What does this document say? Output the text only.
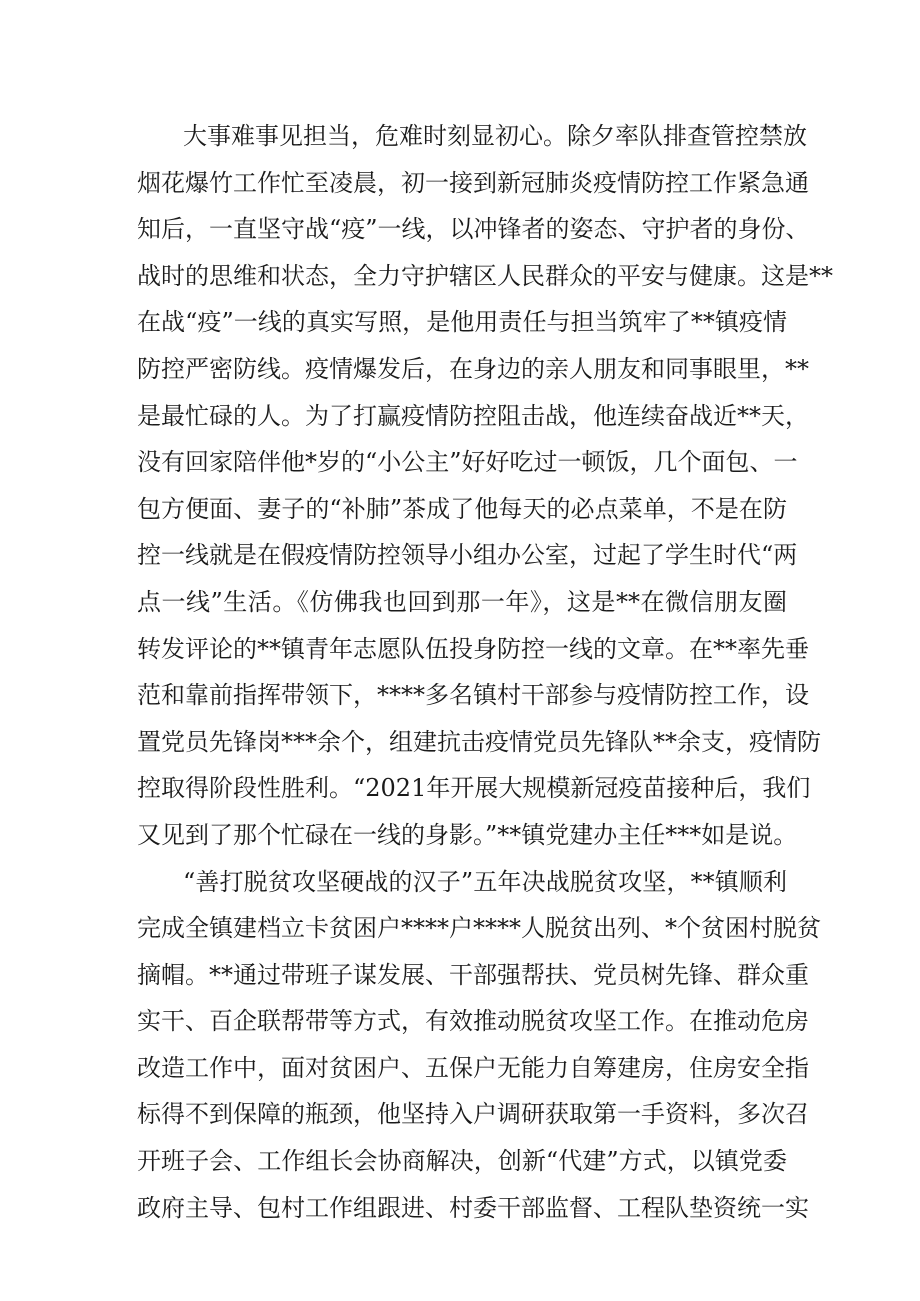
大事难事见担当，危难时刻显初心。除夕率队排查管控禁放
烟花爆竹工作忙至凌晨，初一接到新冠肺炎疫情防控工作紧急通
知后，一直坚守战“疫”一线，以冲锋者的姿态、守护者的身份、
战时的思维和状态，全力守护辖区人民群众的平安与健康。这是**
在战“疫”一线的真实写照，是他用责任与担当筑牢了**镇疫情
防控严密防线。疫情爆发后，在身边的亲人朋友和同事眼里，**
是最忙碌的人。为了打赢疫情防控阻击战，他连续奋战近**天，
没有回家陪伴他*岁的“小公主”好好吃过一顿饭，几个面包、一
包方便面、妻子的“补肺”茶成了他每天的必点菜单，不是在防
控一线就是在假疫情防控领导小组办公室，过起了学生时代“两
点一线”生活。《仿佛我也回到那一年》，这是**在微信朋友圈
转发评论的**镇青年志愿队伍投身防控一线的文章。在**率先垂
范和靠前指挥带领下，****多名镇村干部参与疫情防控工作，设
置党员先锋岗***余个，组建抗击疫情党员先锋队**余支，疫情防
控取得阶段性胜利。“2021年开展大规模新冠疫苗接种后，我们
又见到了那个忙碌在一线的身影。”**镇党建办主任***如是说。
“善打脱贫攻坚硬战的汉子”五年决战脱贫攻坚，**镇顺利
完成全镇建档立卡贫困户****户****人脱贫出列、*个贫困村脱贫
摘帽。**通过带班子谋发展、干部强帮扶、党员树先锋、群众重
实干、百企联帮带等方式，有效推动脱贫攻坚工作。在推动危房
改造工作中，面对贫困户、五保户无能力自筹建房，住房安全指
标得不到保障的瓶颈，他坚持入户调研获取第一手资料，多次召
开班子会、工作组长会协商解决，创新“代建”方式，以镇党委
政府主导、包村工作组跟进、村委干部监督、工程队垫资统一实
